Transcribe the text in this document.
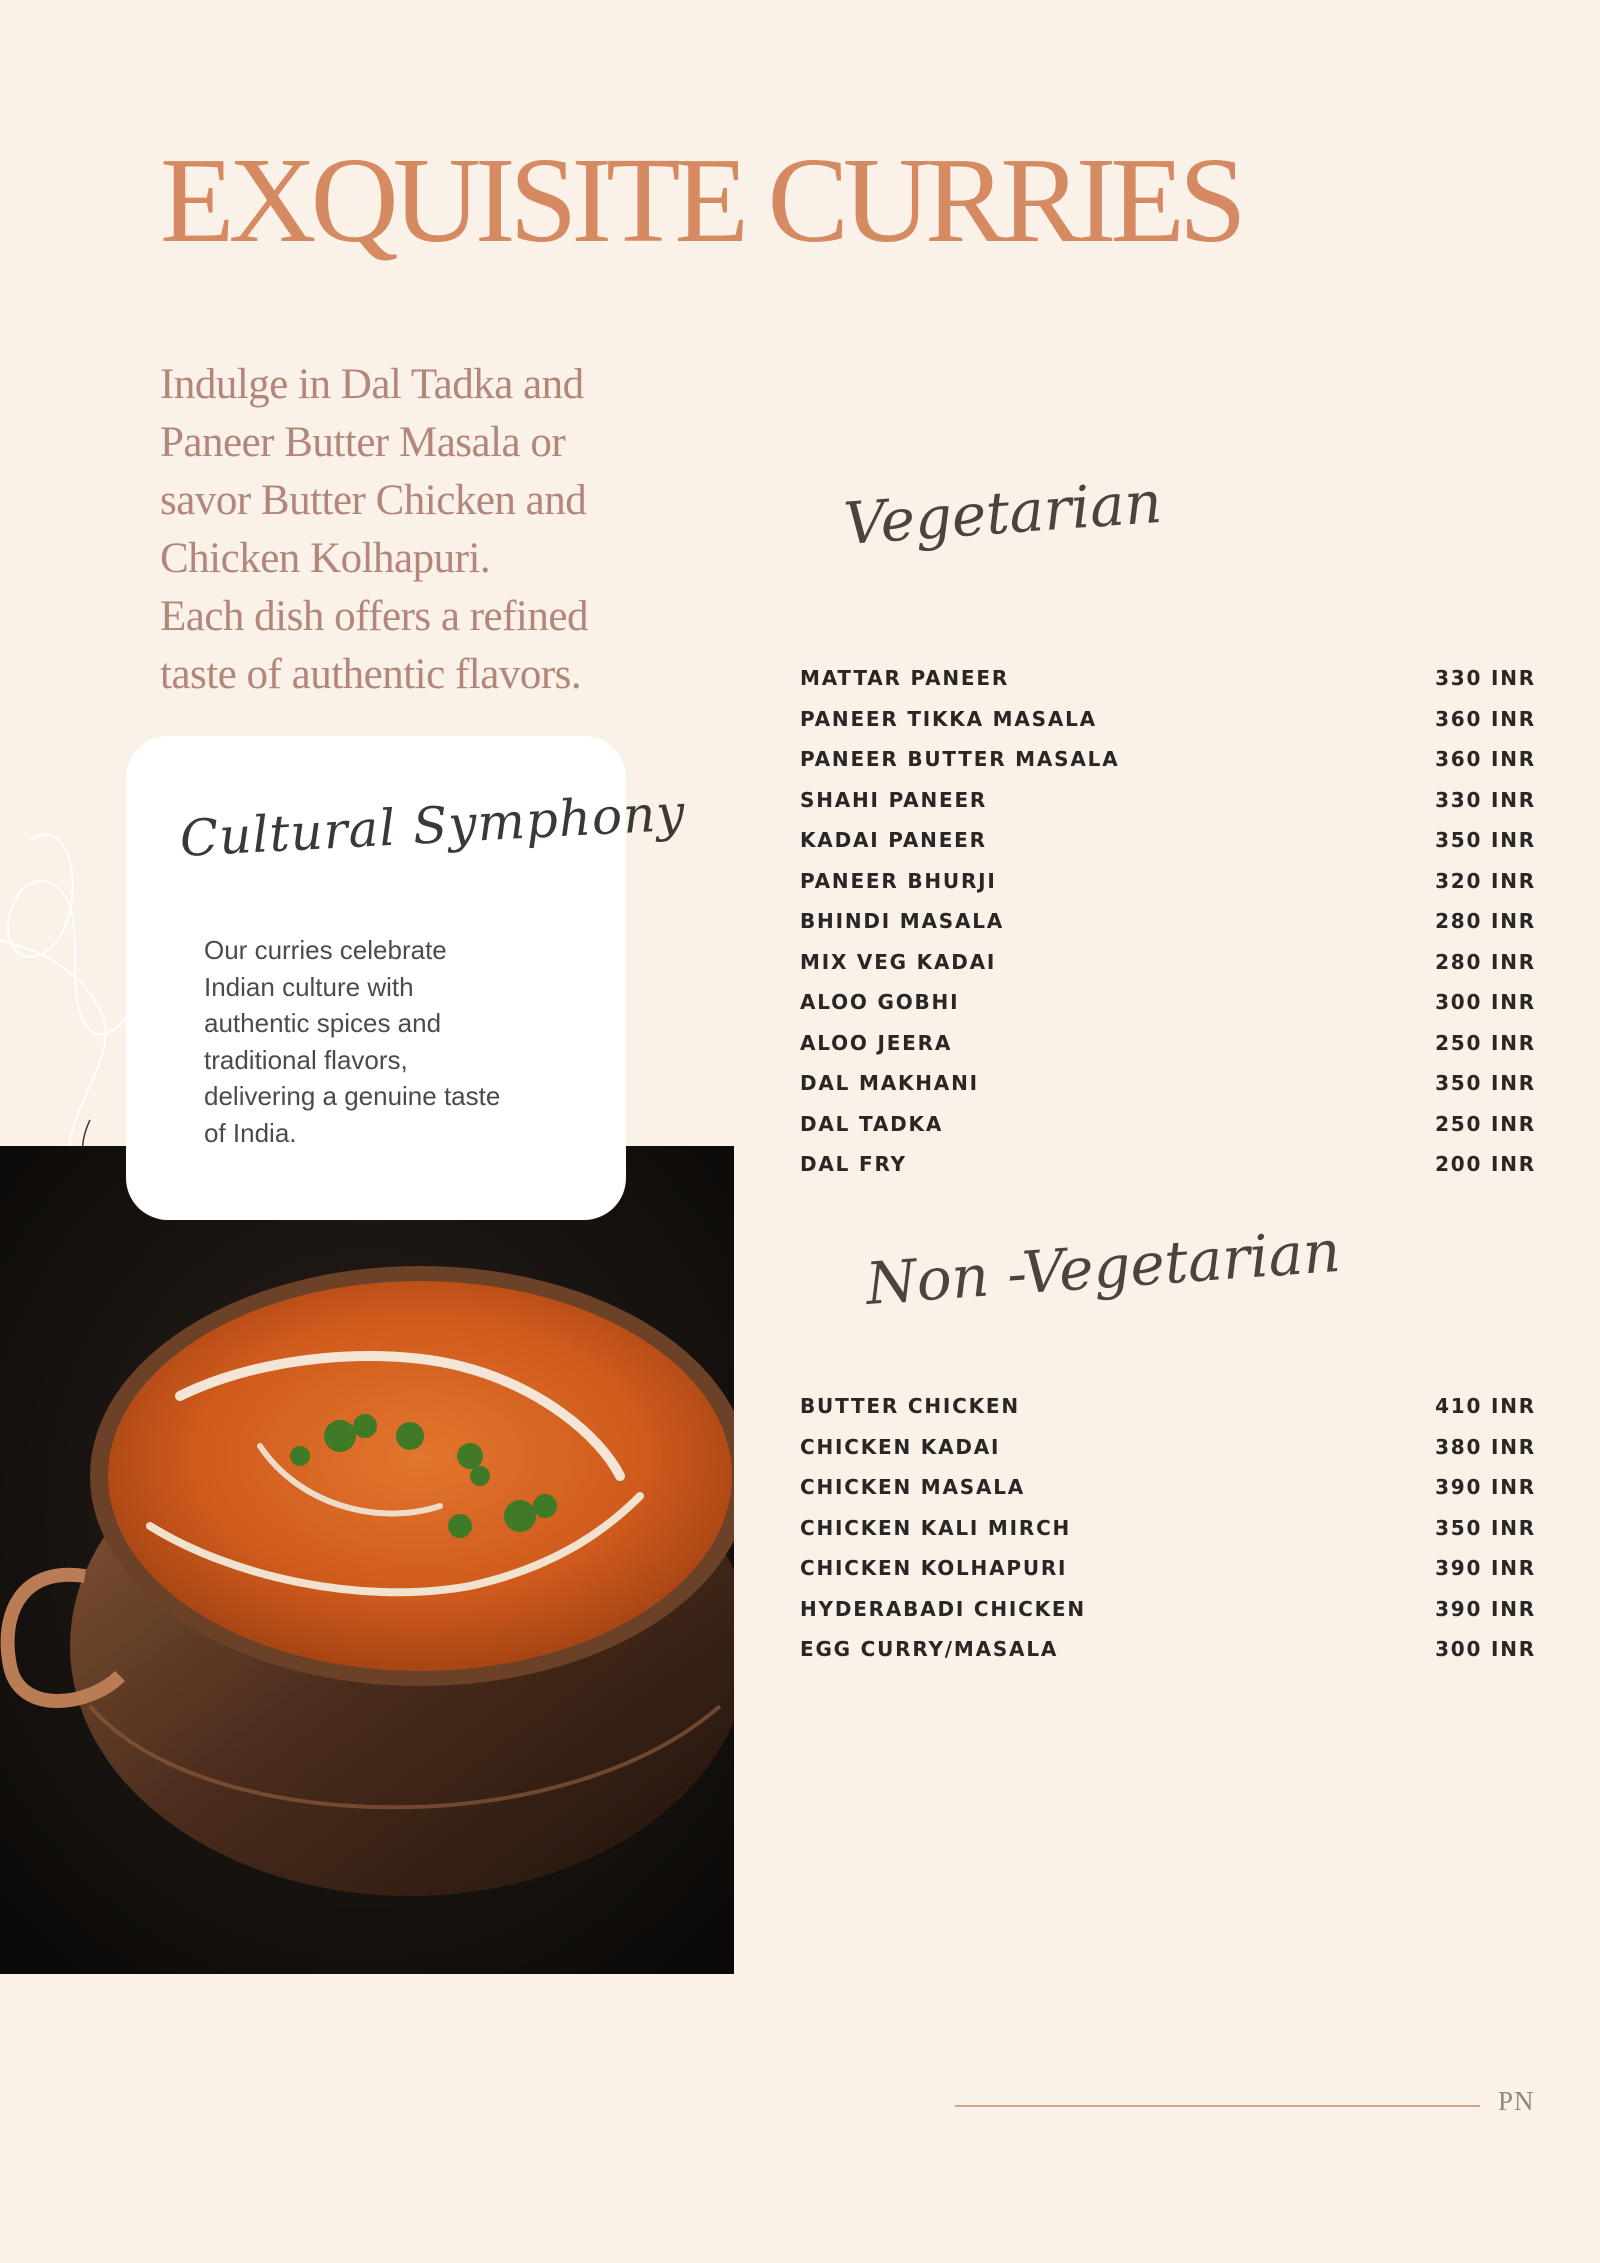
EXQUISITE CURRIES

Indulge in Dal Tadka and
Paneer Butter Masala or
savor Butter Chicken and
Chicken Kolhapuri.
Each dish offers a refined
taste of authentic flavors.

Cultural Symphony
Our curries celebrate
Indian culture with
authentic spices and
traditional flavors,
delivering a genuine taste
of India.
Vegetarian
MATTAR PANEER	330 INR
PANEER TIKKA MASALA	360 INR
PANEER BUTTER MASALA	360 INR
SHAHI PANEER	330 INR
KADAI PANEER	350 INR
PANEER BHURJI	320 INR
BHINDI MASALA	280 INR
MIX VEG KADAI	280 INR
ALOO GOBHI	300 INR
ALOO JEERA	250 INR
DAL MAKHANI	350 INR
DAL TADKA	250 INR
DAL FRY	200 INR
Non -Vegetarian
BUTTER CHICKEN	410 INR
CHICKEN KADAI	380 INR
CHICKEN MASALA	390 INR
CHICKEN KALI MIRCH	350 INR
CHICKEN KOLHAPURI	390 INR
HYDERABADI CHICKEN	390 INR
EGG CURRY/MASALA	300 INR
PN
